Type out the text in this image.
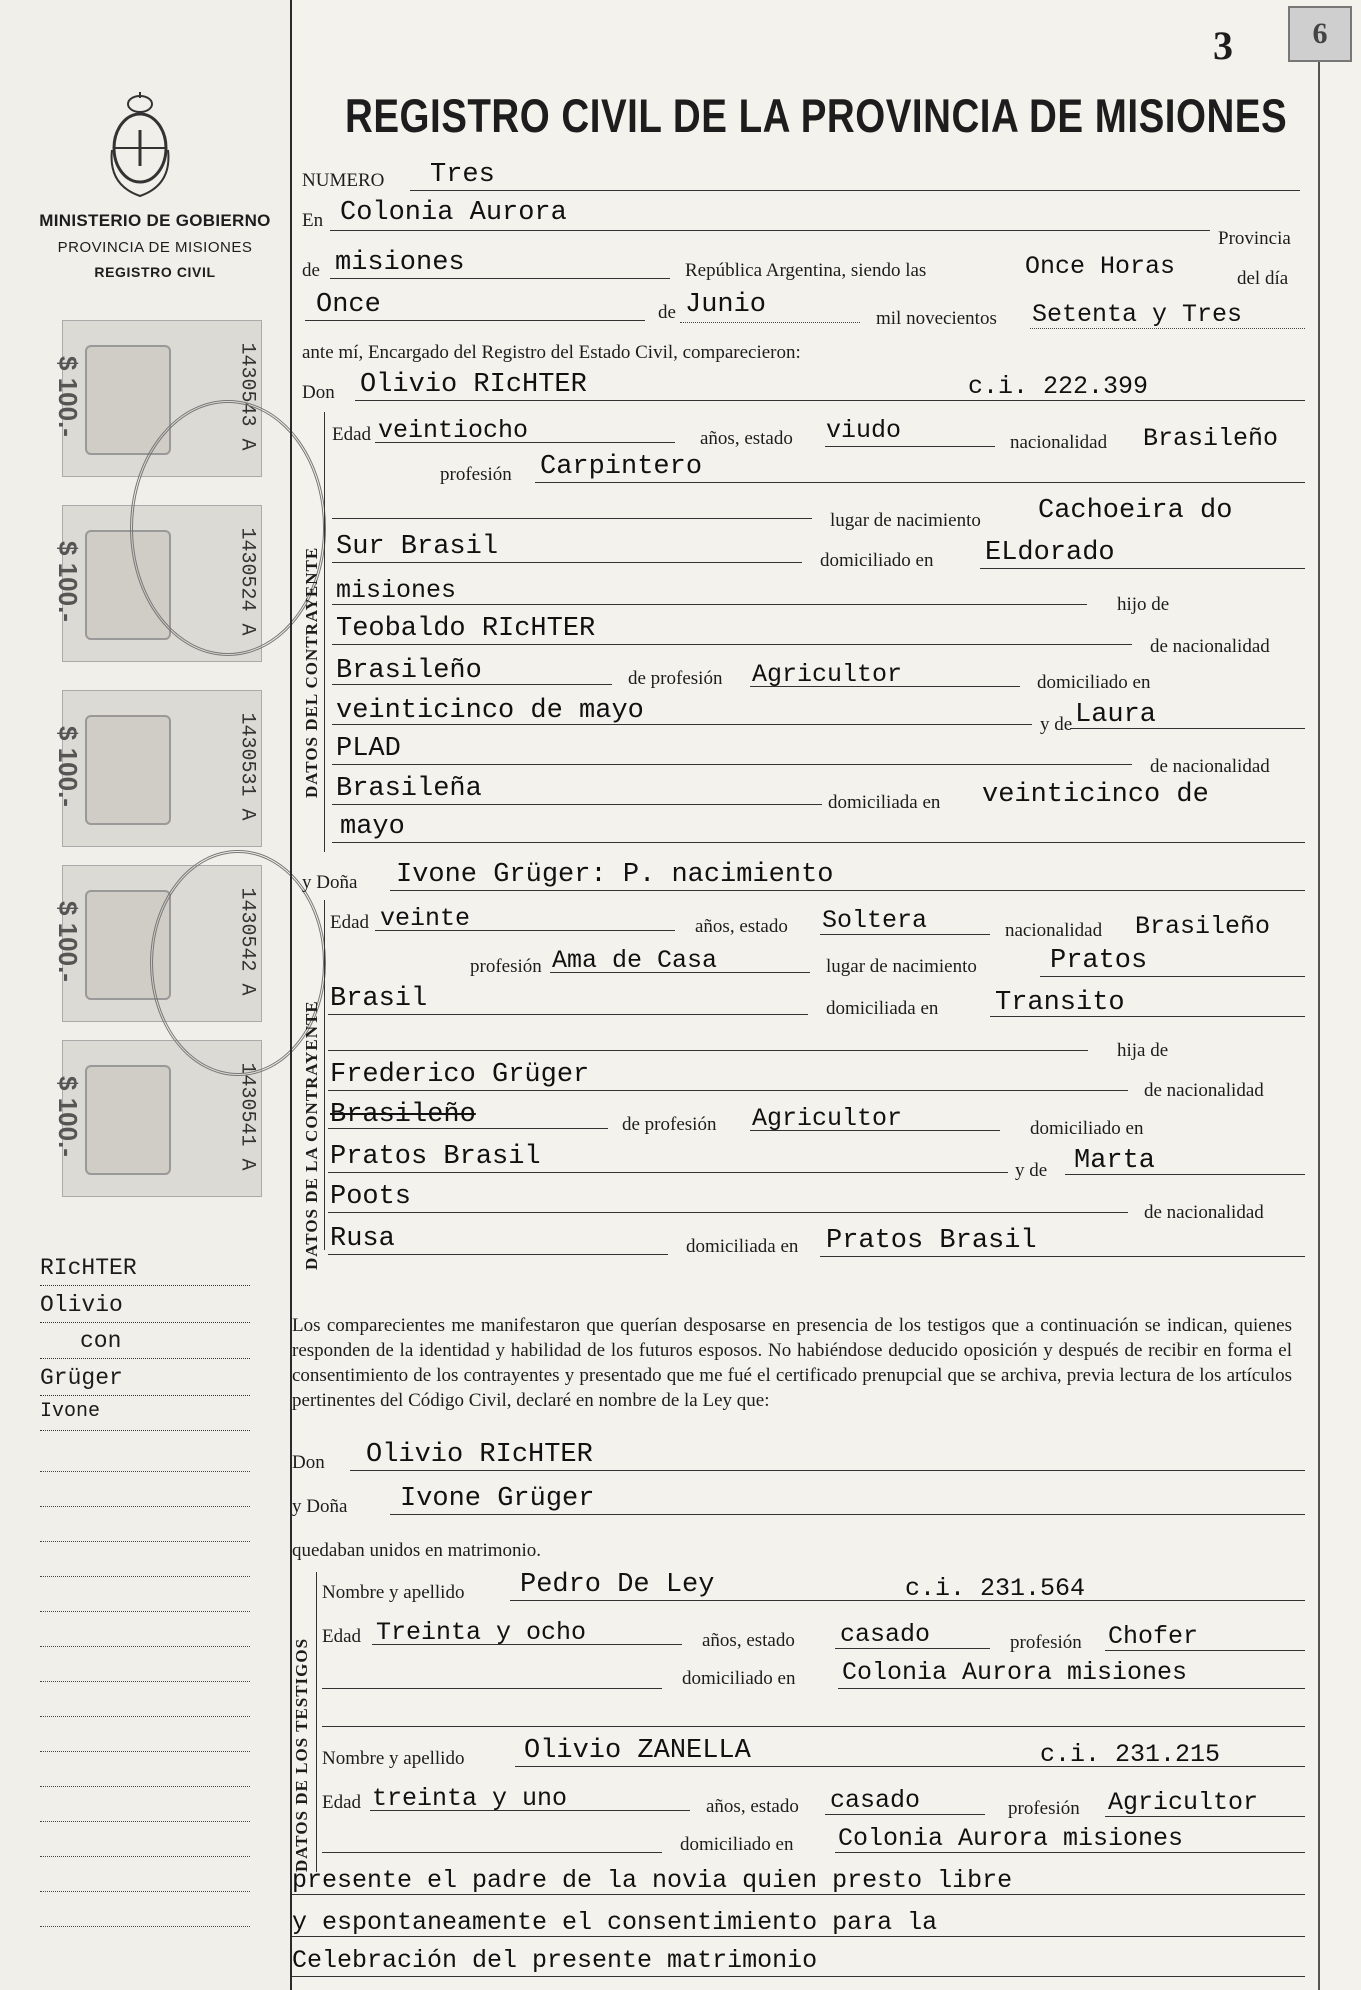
MINISTERIO DE GOBIERNO
PROVINCIA DE MISIONES
REGISTRO CIVIL
$ 100.-	1430543 A
$ 100.-	1430524 A
$ 100.-	1430531 A
$ 100.-	1430542 A
$ 100.-	1430541 A
RIcHTER
Olivio
con
Grüger
Ivone
3	6
REGISTRO CIVIL DE LA PROVINCIA DE MISIONES
NUMERO Tres
En Colonia Aurora
Provincia
de misiones	República Argentina, siendo las	Once Horas	del día
Once	de Junio	mil novecientos Setenta y Tres
ante mí, Encargado del Registro del Estado Civil, comparecieron:
Don Olivio RIcHTER	c.i. 222.399
DATOS DEL CONTRAYENTE
Edad veintiocho	años, estado viudo	nacionalidad Brasileño
profesión Carpintero
lugar de nacimiento Cachoeira do
Sur Brasil	domiciliado en ELdorado
misiones	hijo de
Teobaldo RIcHTER
de nacionalidad
Brasileño	de profesión Agricultor	domiciliado en
veinticinco de mayo	y de Laura
PLAD
de nacionalidad
Brasileña	domiciliada en veinticinco de
mayo
y Doña Ivone Grüger: P. nacimiento
DATOS DE LA CONTRAYENTE
Edad veinte	años, estado Soltera	nacionalidad Brasileño
profesión Ama de Casa	lugar de nacimiento	Pratos
Brasil	domiciliada en Transito
hija de
Frederico Grüger
de nacionalidad
Brasileño	de profesión Agricultor	domiciliado en
Pratos Brasil	y de Marta
Poots
de nacionalidad
Rusa	domiciliada en Pratos Brasil
Los comparecientes me manifestaron que querían desposarse en presencia de los testigos que a continuación se indican, quienes responden de la identidad y habilidad de los futuros esposos. No habiéndose deducido oposición y después de recibir en forma el consentimiento de los contrayentes y presentado que me fué el certificado prenupcial que se archiva, previa lectura de los artículos pertinentes del Código Civil, declaré en nombre de la Ley que:
Don Olivio RIcHTER
y Doña Ivone Grüger
quedaban unidos en matrimonio.
DATOS DE LOS TESTIGOS
Nombre y apellido Pedro De Ley	c.i. 231.564
Edad Treinta y ocho	años, estado casado	profesión Chofer
domiciliado en Colonia Aurora misiones
Nombre y apellido Olivio ZANELLA	c.i. 231.215
Edad treinta y uno	años, estado casado	profesión Agricultor
domiciliado en Colonia Aurora misiones
presente el padre de la novia quien presto libre
y espontaneamente el consentimiento para la
Celebración del presente matrimonio
